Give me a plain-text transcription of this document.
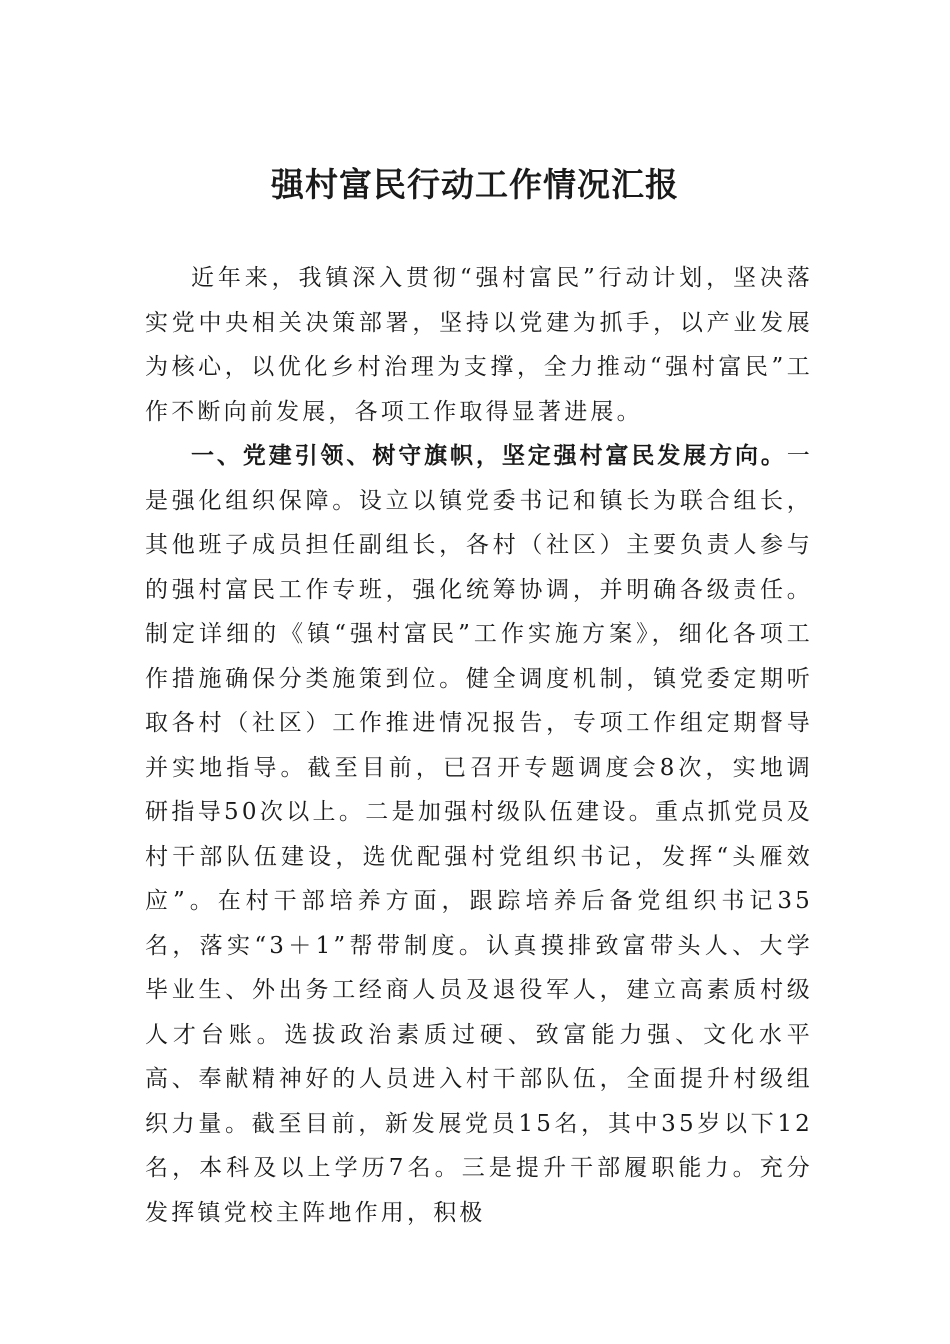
强村富民行动工作情况汇报

近年来，我镇深入贯彻“强村富民”行动计划，坚决落实党中央相关决策部署，坚持以党建为抓手，以产业发展为核心，以优化乡村治理为支撑，全力推动“强村富民”工作不断向前发展，各项工作取得显著进展。

一、党建引领、树守旗帜，坚定强村富民发展方向。一是强化组织保障。设立以镇党委书记和镇长为联合组长，其他班子成员担任副组长，各村（社区）主要负责人参与的强村富民工作专班，强化统筹协调，并明确各级责任。制定详细的《镇“强村富民”工作实施方案》，细化各项工作措施确保分类施策到位。健全调度机制，镇党委定期听取各村（社区）工作推进情况报告，专项工作组定期督导并实地指导。截至目前，已召开专题调度会8次，实地调研指导50次以上。二是加强村级队伍建设。重点抓党员及村干部队伍建设，选优配强村党组织书记，发挥“头雁效应”。在村干部培养方面，跟踪培养后备党组织书记35名，落实“3＋1”帮带制度。认真摸排致富带头人、大学毕业生、外出务工经商人员及退役军人，建立高素质村级人才台账。选拔政治素质过硬、致富能力强、文化水平高、奉献精神好的人员进入村干部队伍，全面提升村级组织力量。截至目前，新发展党员15名，其中35岁以下12名，本科及以上学历7名。三是提升干部履职能力。充分发挥镇党校主阵地作用，积极
